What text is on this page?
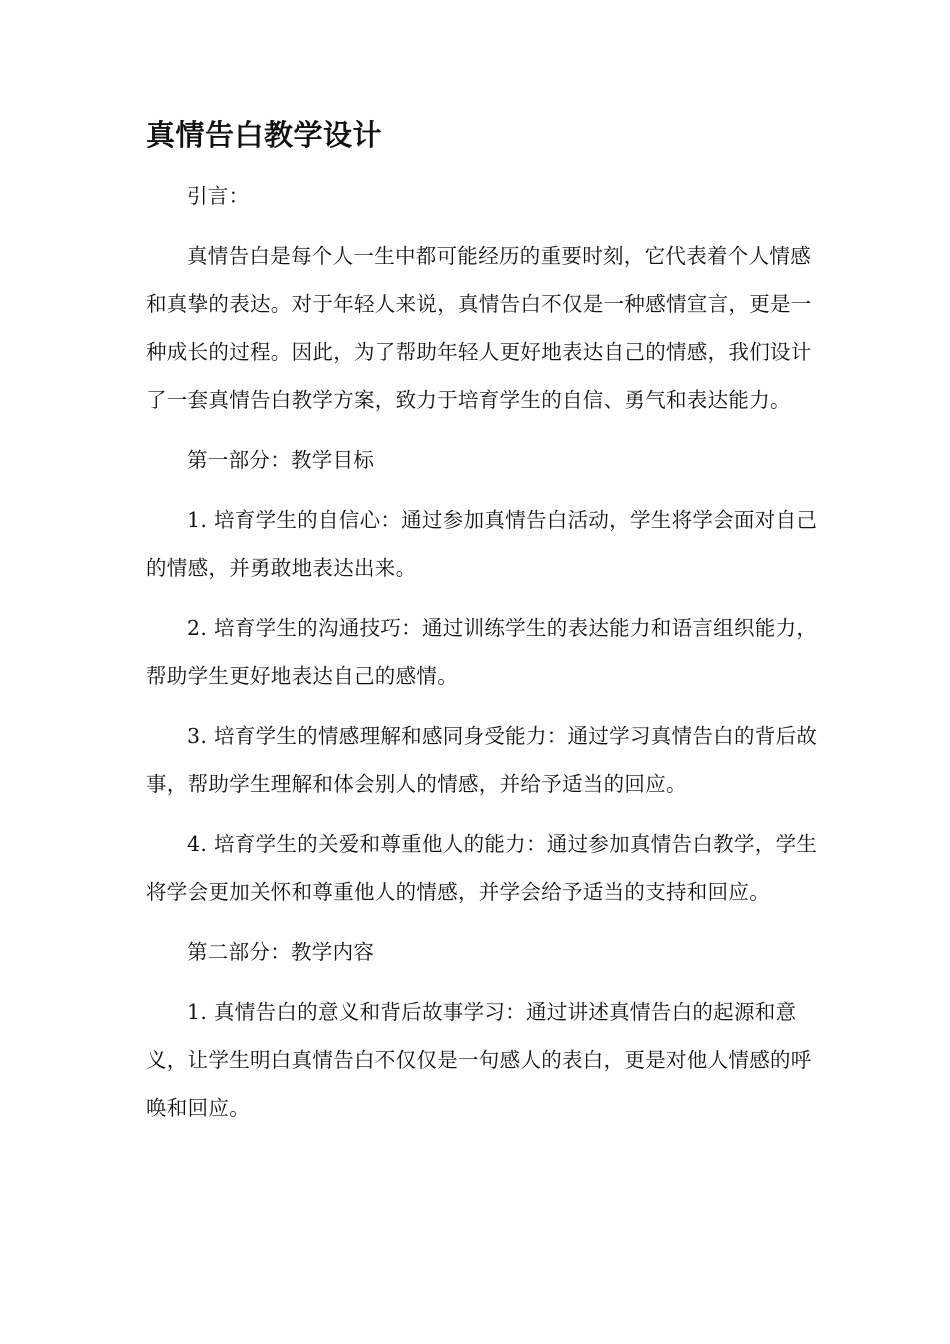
真情告白教学设计

引言：

真情告白是每个人一生中都可能经历的重要时刻，它代表着个人情感和真挚的表达。对于年轻人来说，真情告白不仅是一种感情宣言，更是一种成长的过程。因此，为了帮助年轻人更好地表达自己的情感，我们设计了一套真情告白教学方案，致力于培育学生的自信、勇气和表达能力。

第一部分：教学目标

1. 培育学生的自信心：通过参加真情告白活动，学生将学会面对自己的情感，并勇敢地表达出来。

2. 培育学生的沟通技巧：通过训练学生的表达能力和语言组织能力，帮助学生更好地表达自己的感情。

3. 培育学生的情感理解和感同身受能力：通过学习真情告白的背后故事，帮助学生理解和体会别人的情感，并给予适当的回应。

4. 培育学生的关爱和尊重他人的能力：通过参加真情告白教学，学生将学会更加关怀和尊重他人的情感，并学会给予适当的支持和回应。

第二部分：教学内容

1. 真情告白的意义和背后故事学习：通过讲述真情告白的起源和意义，让学生明白真情告白不仅仅是一句感人的表白，更是对他人情感的呼唤和回应。
